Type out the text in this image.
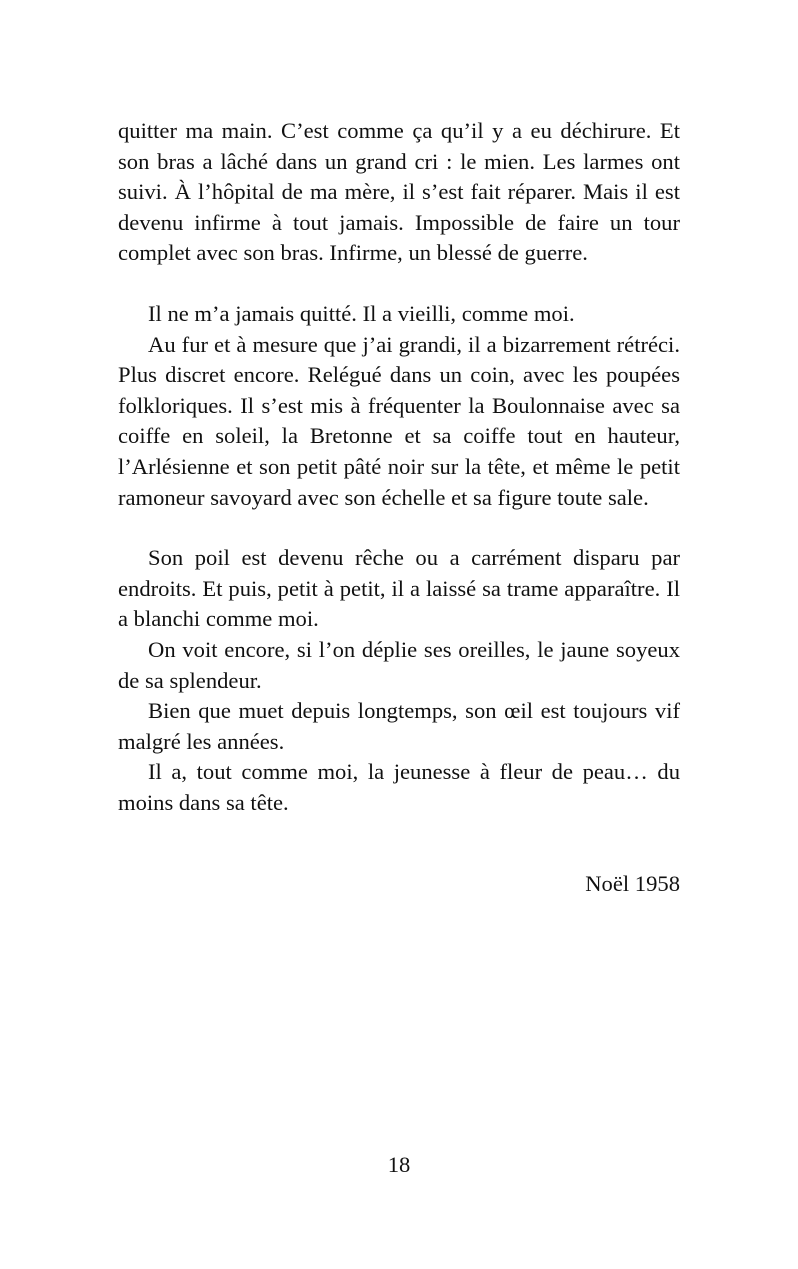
quitter ma main. C’est comme ça qu’il y a eu déchirure. Et son bras a lâché dans un grand cri : le mien. Les larmes ont suivi. À l’hôpital de ma mère, il s’est fait réparer. Mais il est devenu infirme à tout jamais. Impossible de faire un tour complet avec son bras. Infirme, un blessé de guerre.

Il ne m’a jamais quitté. Il a vieilli, comme moi.

Au fur et à mesure que j’ai grandi, il a bizarrement rétréci. Plus discret encore. Relégué dans un coin, avec les poupées folkloriques. Il s’est mis à fréquenter la Boulonnaise avec sa coiffe en soleil, la Bretonne et sa coiffe tout en hauteur, l’Arlésienne et son petit pâté noir sur la tête, et même le petit ramoneur savoyard avec son échelle et sa figure toute sale.

Son poil est devenu rêche ou a carrément disparu par endroits. Et puis, petit à petit, il a laissé sa trame apparaître. Il a blanchi comme moi.

On voit encore, si l’on déplie ses oreilles, le jaune soyeux de sa splendeur.

Bien que muet depuis longtemps, son œil est toujours vif malgré les années.

Il a, tout comme moi, la jeunesse à fleur de peau… du moins dans sa tête.

Noël 1958

18
